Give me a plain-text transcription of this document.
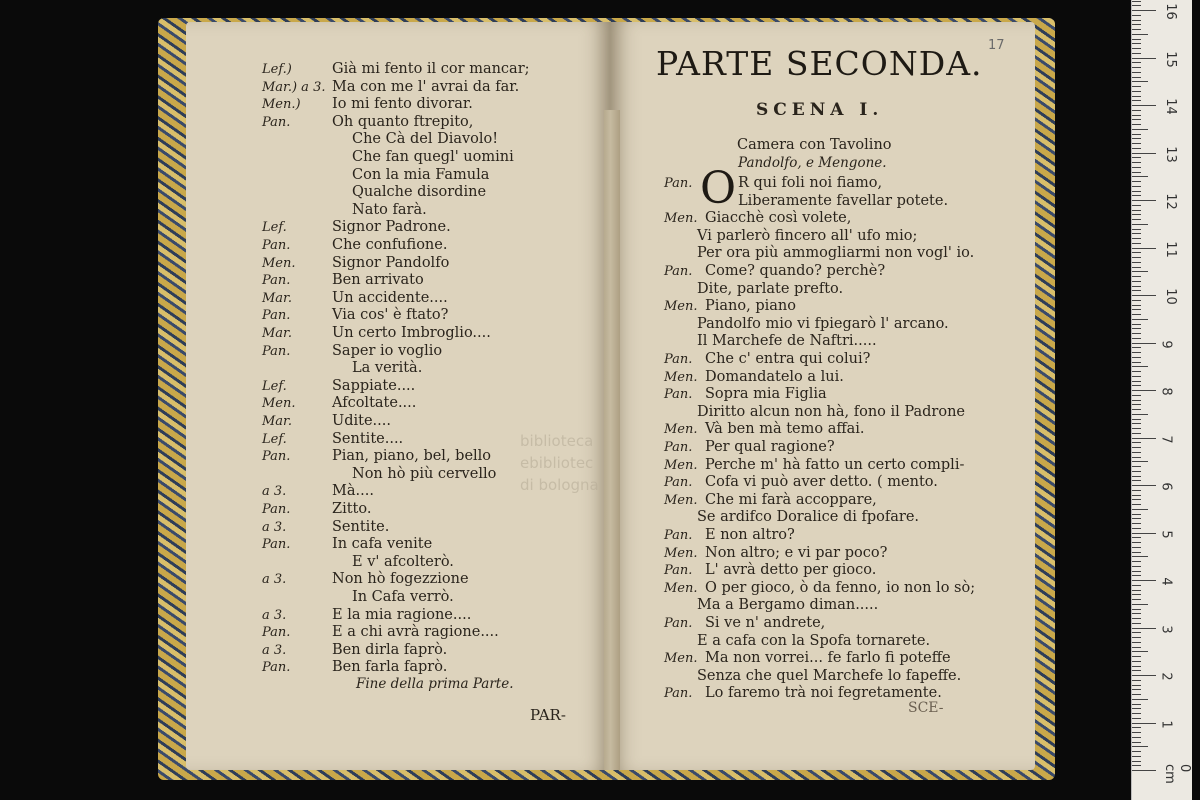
Lef.)	Già mi fento il cor mancar;
Mar.) a 3. Ma con me l' avrai da far.
Men.) Io mi fento divorar.
Pan.	Oh quanto ftrepito,
Che Cà del Diavolo!
Che fan quegl' uomini
Con la mia Famula
Qualche disordine
Nato farà.
Lef.	Signor Padrone.
Pan.	Che confufione.
Men.	Signor Pandolfo
Pan.	Ben arrivato
Mar.	Un accidente....
Pan.	Via cos' è ftato?
Mar.	Un certo Imbroglio....
Pan.	Saper io voglio
La verità.
Lef.	Sappiate....
Men.	Afcoltate....
Mar.	Udite....
Lef.	Sentite....
Pan.	Pian, piano, bel, bello
Non hò più cervello
a 3.	Mà....
Pan.	Zitto.
a 3.	Sentite.
Pan.	In cafa venite
E v' afcolterò.
a 3.	Non hò fogezzione
In Cafa verrò.
a 3.	E la mia ragione....
Pan.	E a chi avrà ragione....
a 3.	Ben dirla faprò.
Pan.	Ben farla faprò.
Fine della prima Parte.
PAR-
PARTE SECONDA. 17
SCENA I.
Camera con Tavolino
Pandolfo, e Mengone.
O
Pan.	R qui foli noi fiamo,
Liberamente favellar potete.
Men. Giacchè così volete,
Vi parlerò fincero all' ufo mio;
Per ora più ammogliarmi non vogl' io.
Pan. Come? quando? perchè?
Dite, parlate prefto.
Men. Piano, piano
Pandolfo mio vi fpiegarò l' arcano.
Il Marchefe de Naftri.....
Pan. Che c' entra qui colui?
Men. Domandatelo a lui.
Pan. Sopra mia Figlia
Diritto alcun non hà, fono il Padrone
Men. Và ben mà temo affai.
Pan. Per qual ragione?
Men. Perche m' hà fatto un certo compli-
Pan. Cofa vi può aver detto. ( mento.
Men. Che mi farà accoppare,
Se ardifco Doralice di fpofare.
Pan. E non altro?
Men. Non altro; e vi par poco?
Pan. L' avrà detto per gioco.
Men. O per gioco, ò da fenno, io non lo sò;
Ma a Bergamo diman.....
Pan. Si ve n' andrete,
E a cafa con la Spofa tornarete.
Men. Ma non vorrei... fe farlo fi poteffe
Senza che quel Marchefe lo fapeffe.
Pan. Lo faremo trà noi fegretamente.
SCE-
biblioteca
ebibliotec
di bologna
0 cm
1
2
3
4
5
6
7
8
9
10
11
12
13
14
15
16
